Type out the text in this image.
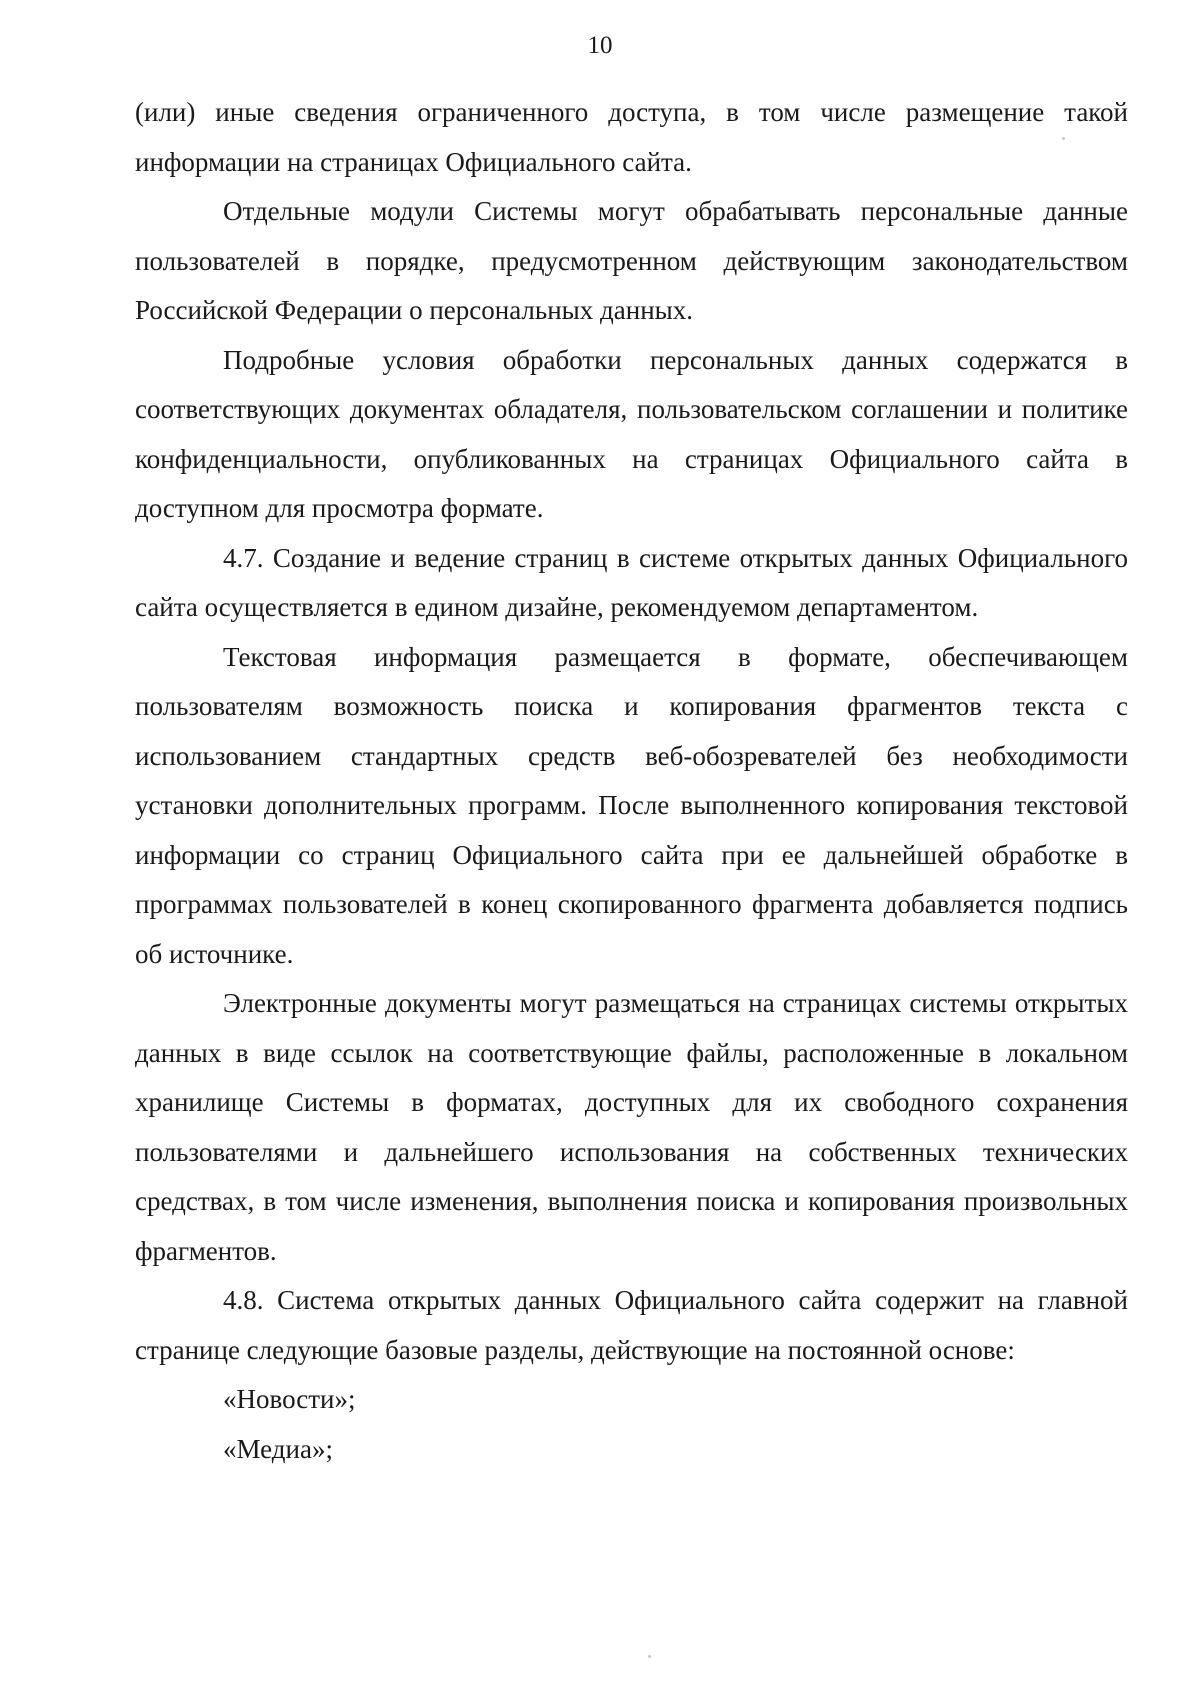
10

(или) иные сведения ограниченного доступа, в том числе размещение такой информации на страницах Официального сайта.

Отдельные модули Системы могут обрабатывать персональные данные пользователей в порядке, предусмотренном действующим законодательством Российской Федерации о персональных данных.

Подробные условия обработки персональных данных содержатся в соответствующих документах обладателя, пользовательском соглашении и политике конфиденциальности, опубликованных на страницах Официального сайта в доступном для просмотра формате.

4.7. Создание и ведение страниц в системе открытых данных Официального сайта осуществляется в едином дизайне, рекомендуемом департаментом.

Текстовая информация размещается в формате, обеспечивающем пользователям возможность поиска и копирования фрагментов текста с использованием стандартных средств веб-обозревателей без необходимости установки дополнительных программ. После выполненного копирования текстовой информации со страниц Официального сайта при ее дальнейшей обработке в программах пользователей в конец скопированного фрагмента добавляется подпись об источнике.

Электронные документы могут размещаться на страницах системы открытых данных в виде ссылок на соответствующие файлы, расположенные в локальном хранилище Системы в форматах, доступных для их свободного сохранения пользователями и дальнейшего использования на собственных технических средствах, в том числе изменения, выполнения поиска и копирования произвольных фрагментов.

4.8. Система открытых данных Официального сайта содержит на главной странице следующие базовые разделы, действующие на постоянной основе:

«Новости»;

«Медиа»;
